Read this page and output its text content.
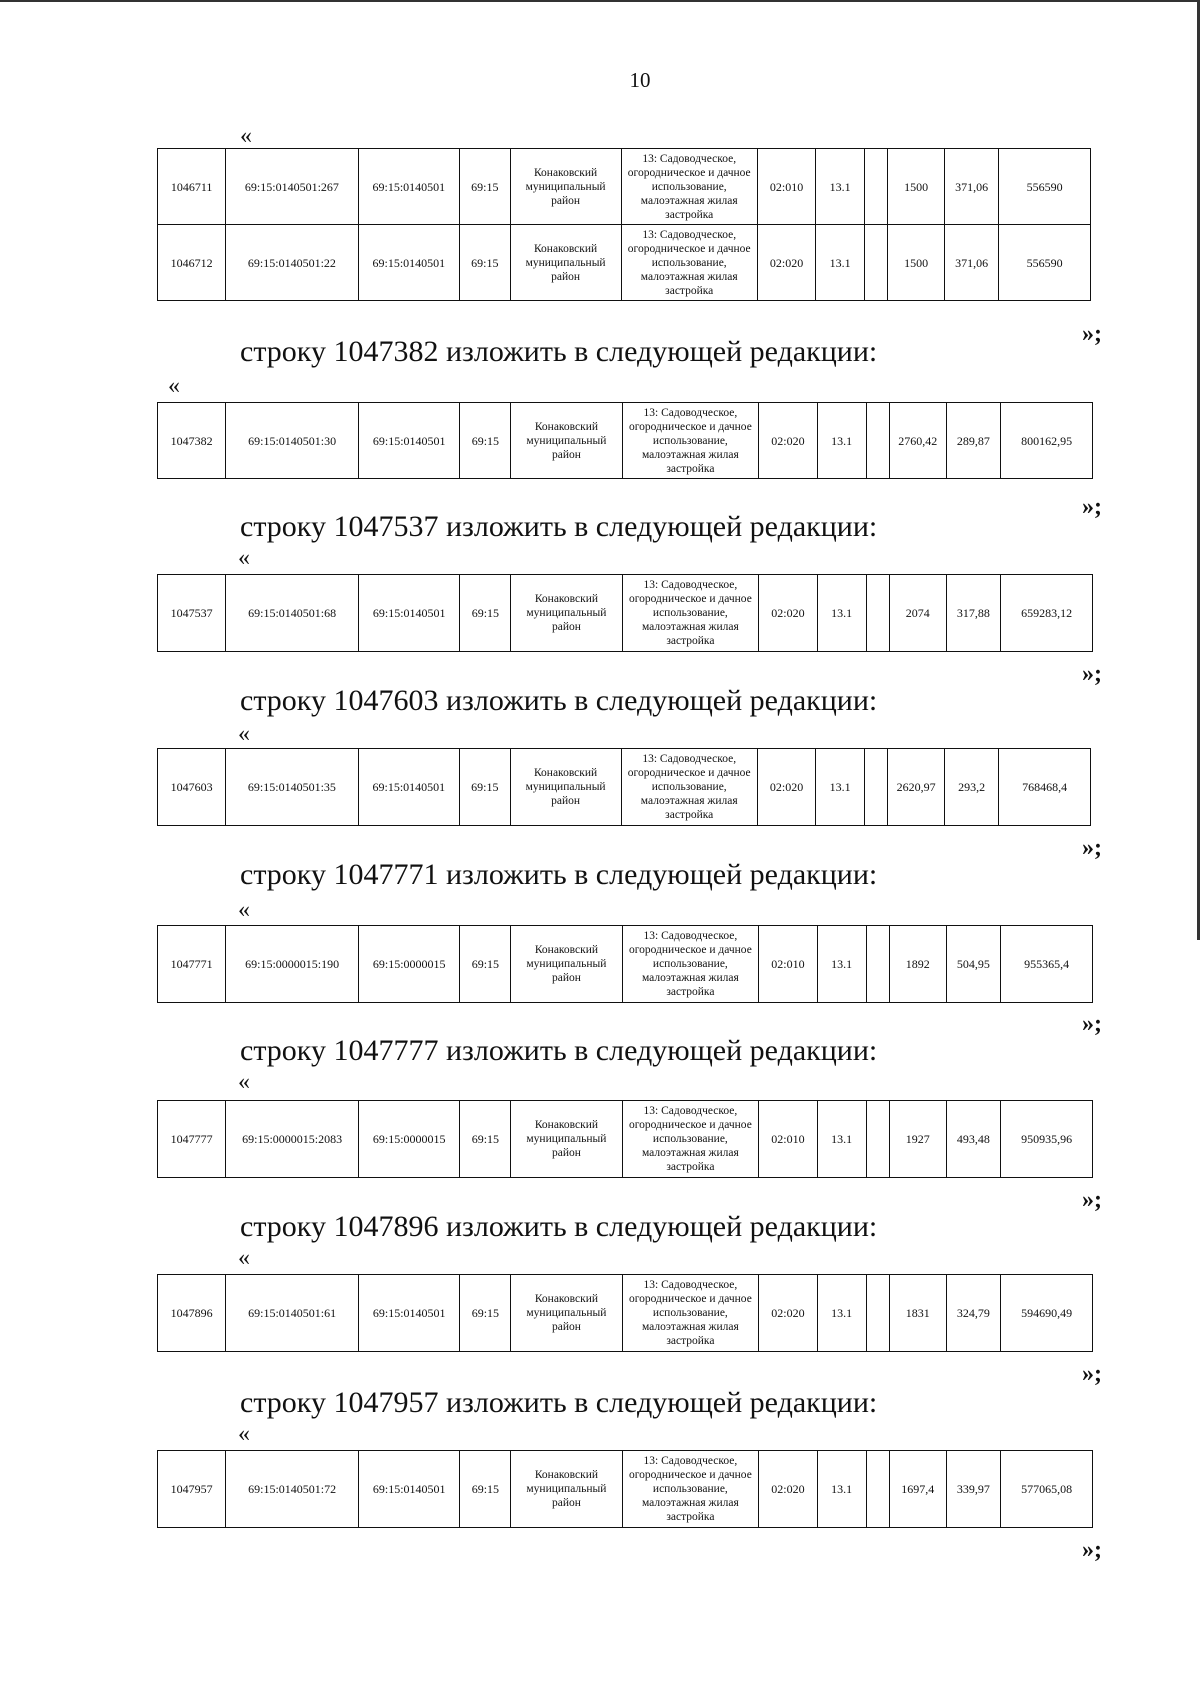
10
«
1046711	69:15:0140501:267	69:15:0140501	69:15	Конаковский муниципальный район	13: Садоводческое, огородническое и дачное использование, малоэтажная жилая застройка	02:010	13.1		1500	371,06	556590
1046712	69:15:0140501:22	69:15:0140501	69:15	Конаковский муниципальный район	13: Садоводческое, огородническое и дачное использование, малоэтажная жилая застройка	02:020	13.1		1500	371,06	556590
»;
строку 1047382 изложить в следующей редакции:
«
1047382	69:15:0140501:30	69:15:0140501	69:15	Конаковский муниципальный район	13: Садоводческое, огородническое и дачное использование, малоэтажная жилая застройка	02:020	13.1		2760,42	289,87	800162,95
»;
строку 1047537 изложить в следующей редакции:
«
1047537	69:15:0140501:68	69:15:0140501	69:15	Конаковский муниципальный район	13: Садоводческое, огородническое и дачное использование, малоэтажная жилая застройка	02:020	13.1		2074	317,88	659283,12
»;
строку 1047603 изложить в следующей редакции:
«
1047603	69:15:0140501:35	69:15:0140501	69:15	Конаковский муниципальный район	13: Садоводческое, огородническое и дачное использование, малоэтажная жилая застройка	02:020	13.1		2620,97	293,2	768468,4
»;
строку 1047771 изложить в следующей редакции:
«
1047771	69:15:0000015:190	69:15:0000015	69:15	Конаковский муниципальный район	13: Садоводческое, огородническое и дачное использование, малоэтажная жилая застройка	02:010	13.1		1892	504,95	955365,4
»;
строку 1047777 изложить в следующей редакции:
«
1047777	69:15:0000015:2083	69:15:0000015	69:15	Конаковский муниципальный район	13: Садоводческое, огородническое и дачное использование, малоэтажная жилая застройка	02:010	13.1		1927	493,48	950935,96
»;
строку 1047896 изложить в следующей редакции:
«
1047896	69:15:0140501:61	69:15:0140501	69:15	Конаковский муниципальный район	13: Садоводческое, огородническое и дачное использование, малоэтажная жилая застройка	02:020	13.1		1831	324,79	594690,49
»;
строку 1047957 изложить в следующей редакции:
«
1047957	69:15:0140501:72	69:15:0140501	69:15	Конаковский муниципальный район	13: Садоводческое, огородническое и дачное использование, малоэтажная жилая застройка	02:020	13.1		1697,4	339,97	577065,08
»;
